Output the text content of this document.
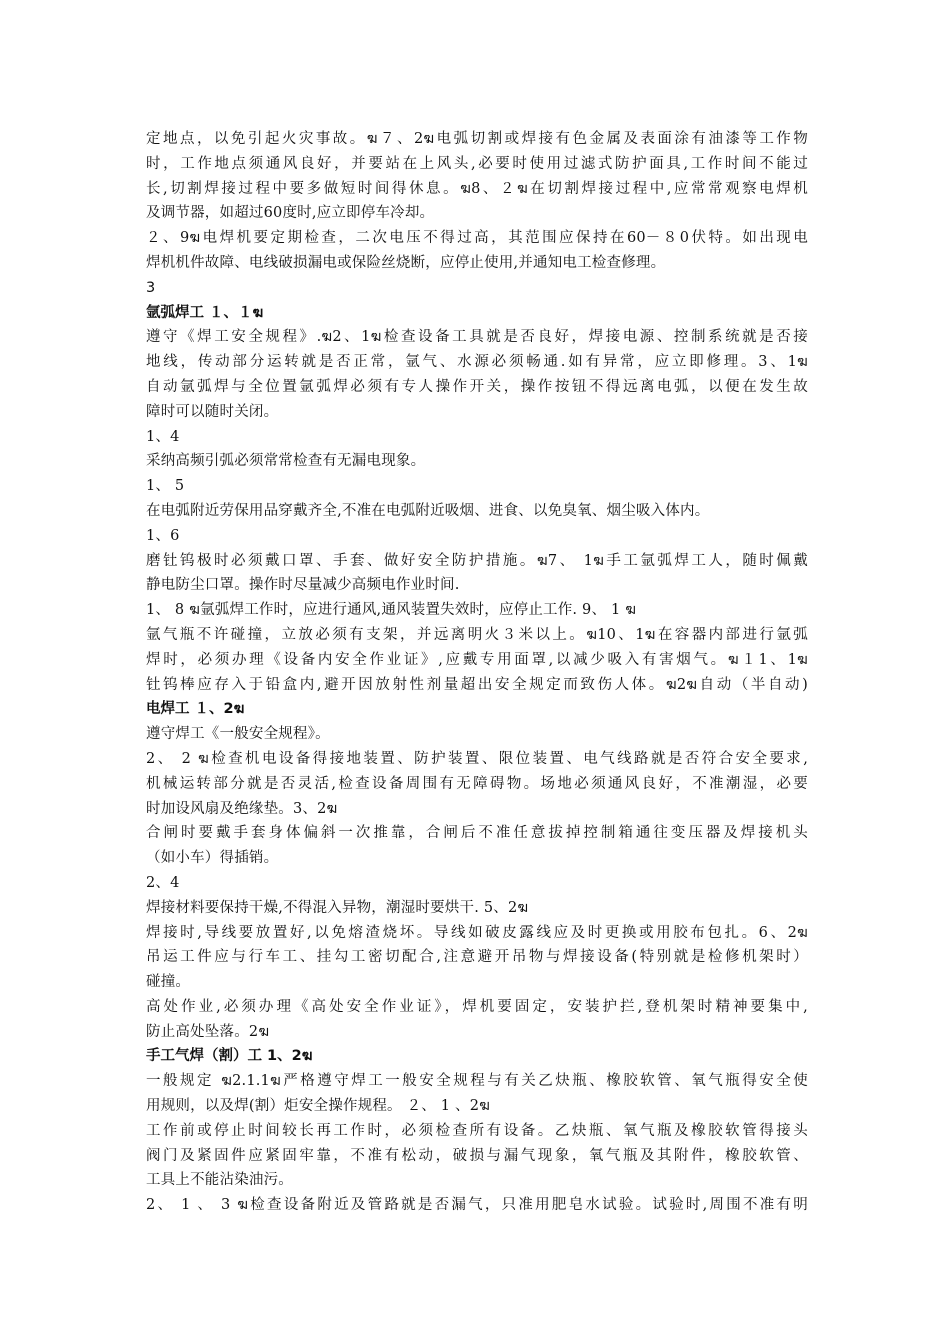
定地点，以免引起火灾事故。ฆ７、2ฆ电弧切割或焊接有色金属及表面涂有油漆等工作物
时，工作地点须通风良好，并要站在上风头,必要时使用过滤式防护面具,工作时间不能过
长,切割焊接过程中要多做短时间得休息。ฆ8、２ฆ在切割焊接过程中,应常常观察电焊机
及调节器，如超过60度时,应立即停车冷却。
２、9ฆ电焊机要定期检查，二次电压不得过高，其范围应保持在60－８0伏特。如出现电
焊机机件故障、电线破损漏电或保险丝烧断，应停止使用,并通知电工检查修理。
3
氩弧焊工 １、１ฆ
遵守《焊工安全规程》.ฆ2、1ฆ检查设备工具就是否良好，焊接电源、控制系统就是否接
地线，传动部分运转就是否正常，氩气、水源必须畅通.如有异常，应立即修理。3、1ฆ
自动氩弧焊与全位置氩弧焊必须有专人操作开关，操作按钮不得远离电弧，以便在发生故
障时可以随时关闭。
1、4
采纳高频引弧必须常常检查有无漏电现象。
1、 5
在电弧附近劳保用品穿戴齐全,不准在电弧附近吸烟、进食、以免臭氧、烟尘吸入体内。
1、6
磨钍钨极时必须戴口罩、手套、做好安全防护措施。ฆ7、 1ฆ手工氩弧焊工人，随时佩戴
静电防尘口罩。操作时尽量减少高频电作业时间.
1、 8 ฆ氩弧焊工作时，应进行通风,通风装置失效时，应停止工作. 9、 1 ฆ
氩气瓶不许碰撞，立放必须有支架，并远离明火３米以上。ฆ10、1ฆ在容器内部进行氩弧
焊时，必须办理《设备内安全作业证》,应戴专用面罩,以减少吸入有害烟气。ฆ１1、1ฆ
钍钨棒应存入于铅盒内,避开因放射性剂量超出安全规定而致伤人体。ฆ2ฆ自动（半自动)
电焊工 １、2ฆ
遵守焊工《一般安全规程》。
2、 2 ฆ检查机电设备得接地装置、防护装置、限位装置、电气线路就是否符合安全要求,
机械运转部分就是否灵活,检查设备周围有无障碍物。场地必须通风良好，不准潮湿，必要
时加设风扇及绝缘垫。3、2ฆ
合闸时要戴手套身体偏斜一次推靠，合闸后不准任意拔掉控制箱通往变压器及焊接机头
（如小车）得插销。
2、4
焊接材料要保持干燥,不得混入异物，潮湿时要烘干. 5、2ฆ
焊接时,导线要放置好,以免熔渣烧坏。导线如破皮露线应及时更换或用胶布包扎。6、2ฆ
吊运工件应与行车工、挂勾工密切配合,注意避开吊物与焊接设备(特别就是检修机架时）
碰撞。
高处作业,必须办理《高处安全作业证》，焊机要固定，安装护拦,登机架时精神要集中,
防止高处坠落。2ฆ
手工气焊（割）工 1、2ฆ
一般规定 ฆ2.1.1ฆ严格遵守焊工一般安全规程与有关乙炔瓶、橡胶软管、氧气瓶得安全使
用规则，以及焊(割）炬安全操作规程。 ２、 1 、2ฆ
工作前或停止时间较长再工作时，必须检查所有设备。乙炔瓶、氧气瓶及橡胶软管得接头
阀门及紧固件应紧固牢靠，不准有松动，破损与漏气现象，氧气瓶及其附件，橡胶软管、
工具上不能沾染油污。
2、 1 、 3 ฆ检查设备附近及管路就是否漏气，只准用肥皂水试验。试验时,周围不准有明
